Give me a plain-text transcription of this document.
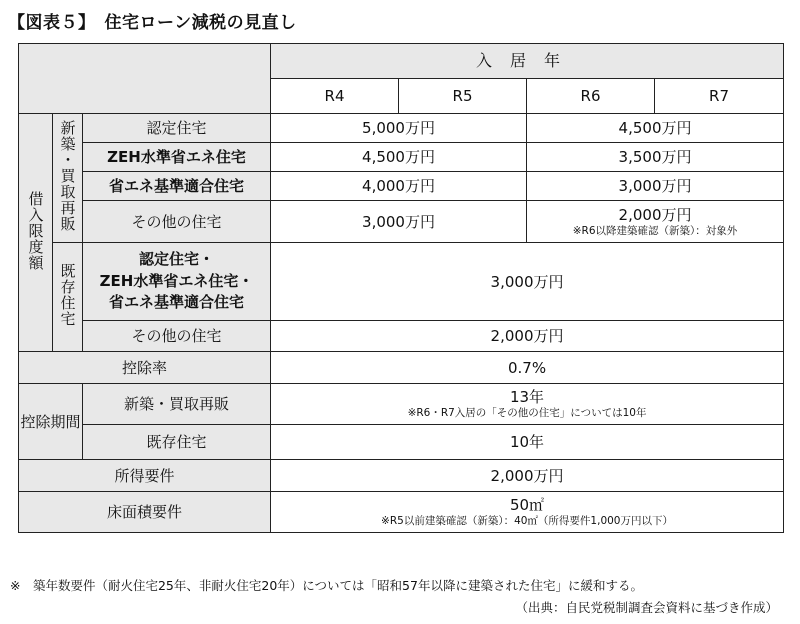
【図表５】　住宅ローン減税の見直し
			入居年			
			R4	R5	R6	R7
借入限度額	新築・買取再販	認定住宅	5,000万円		4,500万円	
		ZEH水準省エネ住宅	4,500万円		3,500万円	
		省エネ基準適合住宅	4,000万円		3,000万円	
		その他の住宅	3,000万円		2,000万円
※R6以降建築確認（新築）：対象外	

	既存住宅	認定住宅・
ZEH水準省エネ住宅・
省エネ基準適合住宅	3,000万円			
		その他の住宅	2,000万円			
控除率			0.7%			
控除期間		新築・買取再販	13年
※R6・R7入居の「その他の住宅」については10年			

		既存住宅	10年			
所得要件			2,000万円			
床面積要件			50㎡
※R5以前建築確認（新築）：40㎡（所得要件1,000万円以下）			
※　築年数要件（耐火住宅25年、非耐火住宅20年）については「昭和57年以降に建築された住宅」に緩和する。
（出典：自民党税制調査会資料に基づき作成）
